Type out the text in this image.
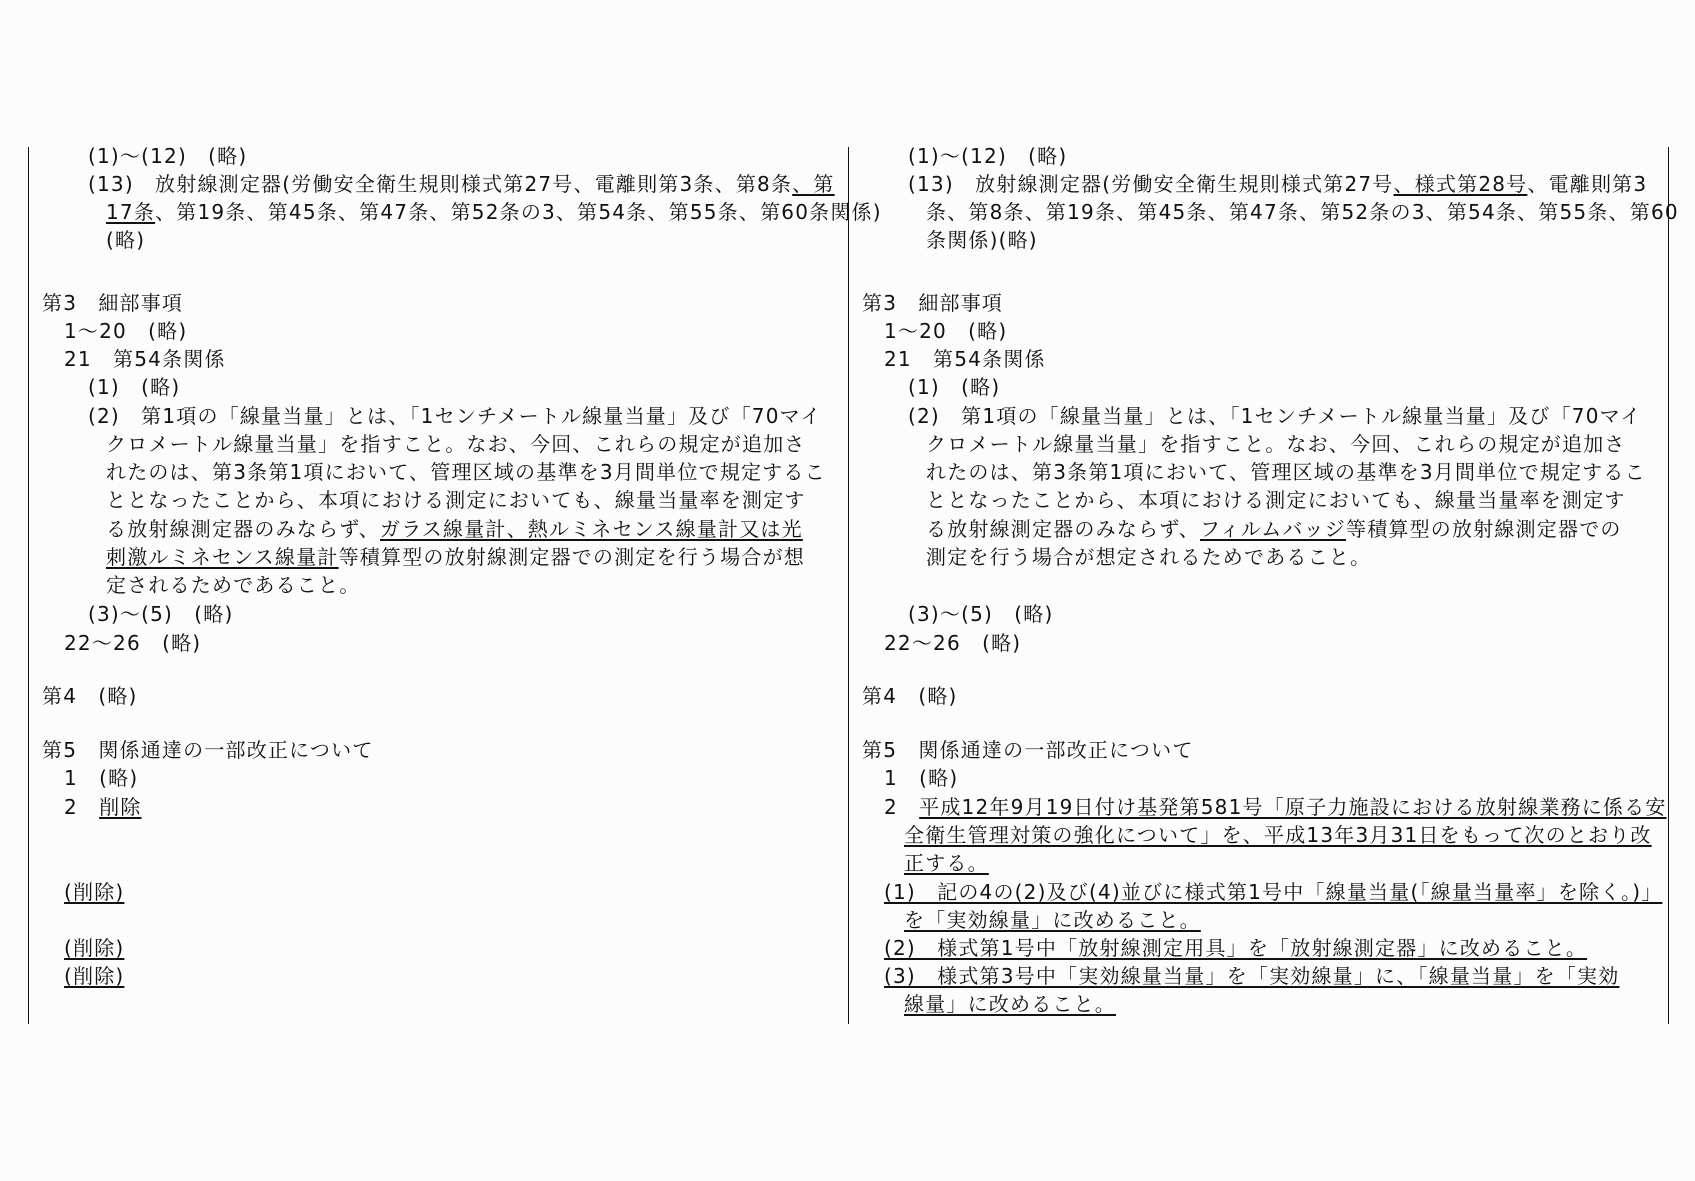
(1)～(12)　(略)
(13)　放射線測定器(労働安全衛生規則様式第27号、電離則第3条、第8条、第
17条、第19条、第45条、第47条、第52条の3、第54条、第55条、第60条関係)
(略)
第3　細部事項
1～20　(略)
21　第54条関係
(1)　(略)
(2)　第1項の「線量当量」とは、「1センチメートル線量当量」及び「70マイ
クロメートル線量当量」を指すこと。なお、今回、これらの規定が追加さ
れたのは、第3条第1項において、管理区域の基準を3月間単位で規定するこ
ととなったことから、本項における測定においても、線量当量率を測定す
る放射線測定器のみならず、ガラス線量計、熱ルミネセンス線量計又は光
刺激ルミネセンス線量計等積算型の放射線測定器での測定を行う場合が想
定されるためであること。
(3)～(5)　(略)
22～26　(略)
第4　(略)
第5　関係通達の一部改正について
1　(略)
2　削除
(削除)
(削除)
(削除)
(1)～(12)　(略)
(13)　放射線測定器(労働安全衛生規則様式第27号、様式第28号、電離則第3
条、第8条、第19条、第45条、第47条、第52条の3、第54条、第55条、第60
条関係)(略)
第3　細部事項
1～20　(略)
21　第54条関係
(1)　(略)
(2)　第1項の「線量当量」とは、「1センチメートル線量当量」及び「70マイ
クロメートル線量当量」を指すこと。なお、今回、これらの規定が追加さ
れたのは、第3条第1項において、管理区域の基準を3月間単位で規定するこ
ととなったことから、本項における測定においても、線量当量率を測定す
る放射線測定器のみならず、フィルムバッジ等積算型の放射線測定器での
測定を行う場合が想定されるためであること。
(3)～(5)　(略)
22～26　(略)
第4　(略)
第5　関係通達の一部改正について
1　(略)
2　平成12年9月19日付け基発第581号「原子力施設における放射線業務に係る安
全衛生管理対策の強化について」を、平成13年3月31日をもって次のとおり改
正する。
(1)　記の4の(2)及び(4)並びに様式第1号中「線量当量(「線量当量率」を除く。)」
を「実効線量」に改めること。
(2)　様式第1号中「放射線測定用具」を「放射線測定器」に改めること。
(3)　様式第3号中「実効線量当量」を「実効線量」に、「線量当量」を「実効
線量」に改めること。
